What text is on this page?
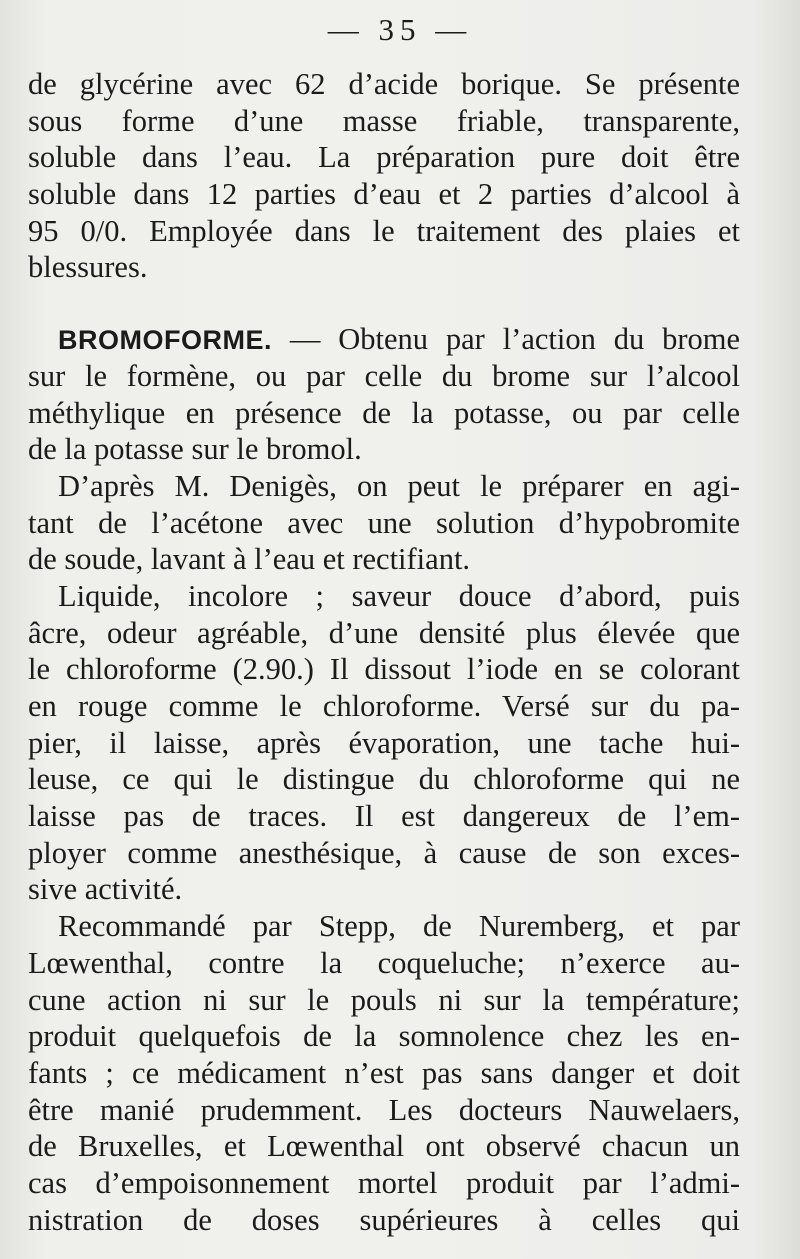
— 35 —
de glycérine avec 62 d’acide borique. Se présente
sous forme d’une masse friable, transparente,
soluble dans l’eau. La préparation pure doit être
soluble dans 12 parties d’eau et 2 parties d’alcool à
95 0/0. Employée dans le traitement des plaies et
blessures.
BROMOFORME. — Obtenu par l’action du brome
sur le formène, ou par celle du brome sur l’alcool
méthylique en présence de la potasse, ou par celle
de la potasse sur le bromol.
D’après M. Denigès, on peut le préparer en agi-
tant de l’acétone avec une solution d’hypobromite
de soude, lavant à l’eau et rectifiant.
Liquide, incolore ; saveur douce d’abord, puis
âcre, odeur agréable, d’une densité plus élevée que
le chloroforme (2.90.) Il dissout l’iode en se colorant
en rouge comme le chloroforme. Versé sur du pa-
pier, il laisse, après évaporation, une tache hui-
leuse, ce qui le distingue du chloroforme qui ne
laisse pas de traces. Il est dangereux de l’em-
ployer comme anesthésique, à cause de son exces-
sive activité.
Recommandé par Stepp, de Nuremberg, et par
Lœwenthal, contre la coqueluche; n’exerce au-
cune action ni sur le pouls ni sur la température;
produit quelquefois de la somnolence chez les en-
fants ; ce médicament n’est pas sans danger et doit
être manié prudemment. Les docteurs Nauwelaers,
de Bruxelles, et Lœwenthal ont observé chacun un
cas d’empoisonnement mortel produit par l’admi-
nistration de doses supérieures à celles qui
